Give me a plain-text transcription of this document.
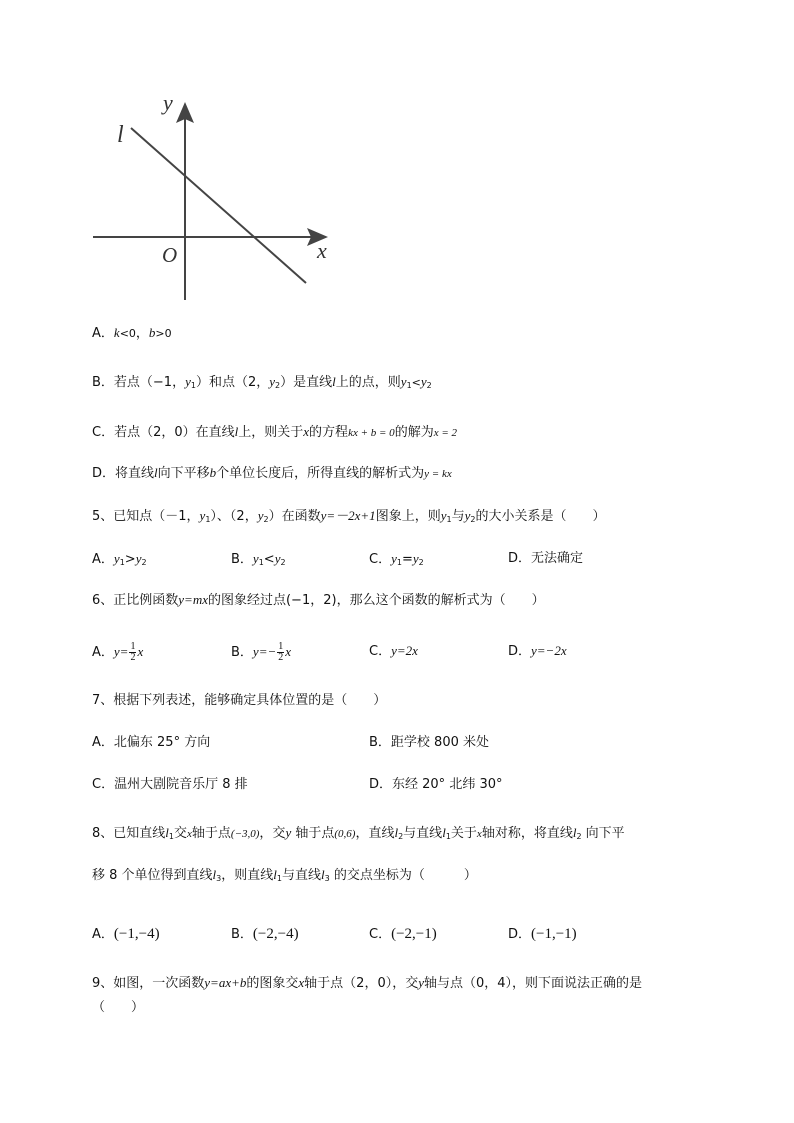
y
x
O
l
A．k<0，b>0
B．若点（−1，$y_1$）和点（2，$y_2$）是直线l上的点，则$y_1<y_2$
C．若点（2，0）在直线l上，则关于x的方程kx + b = 0的解为x = 2
D．将直线l向下平移b个单位长度后，所得直线的解析式为y = kx
5、已知点（－1，$y_1$）、（2，$y_2$）在函数y=－2x+1图象上，则$y_1$与$y_2$的大小关系是（　　）
A．$y_1>y_2$	B．$y_1<y_2$	C．$y_1=y_2$	D．无法确定
6、正比例函数y=mx的图象经过点(−1，2)，那么这个函数的解析式为（　　）
A．$y= \frac{1}{2}$ x	B．$y=- \frac{1}{2}$ x	C．y=2x	D．y=−2x
7、根据下列表述，能够确定具体位置的是（　　）
A．北偏东 25° 方向	B．距学校 800 米处
C．温州大剧院音乐厅 8 排	D．东经 20° 北纬 30°
8、已知直线$l_1$交x轴于点(−3,0)，交y 轴于点(0,6)，直线$l_2$与直线$l_1$关于x轴对称，将直线$l_2$ 向下平
移 8 个单位得到直线$l_3$，则直线$l_1$与直线$l_3$ 的交点坐标为（　　　）
A．(−1,−4)	B．(−2,−4)	C．(−2,−1)	D．(−1,−1)
9、如图，一次函数y=ax+b的图象交x轴于点（2，0），交y轴与点（0，4），则下面说法正确的是
（　　）
